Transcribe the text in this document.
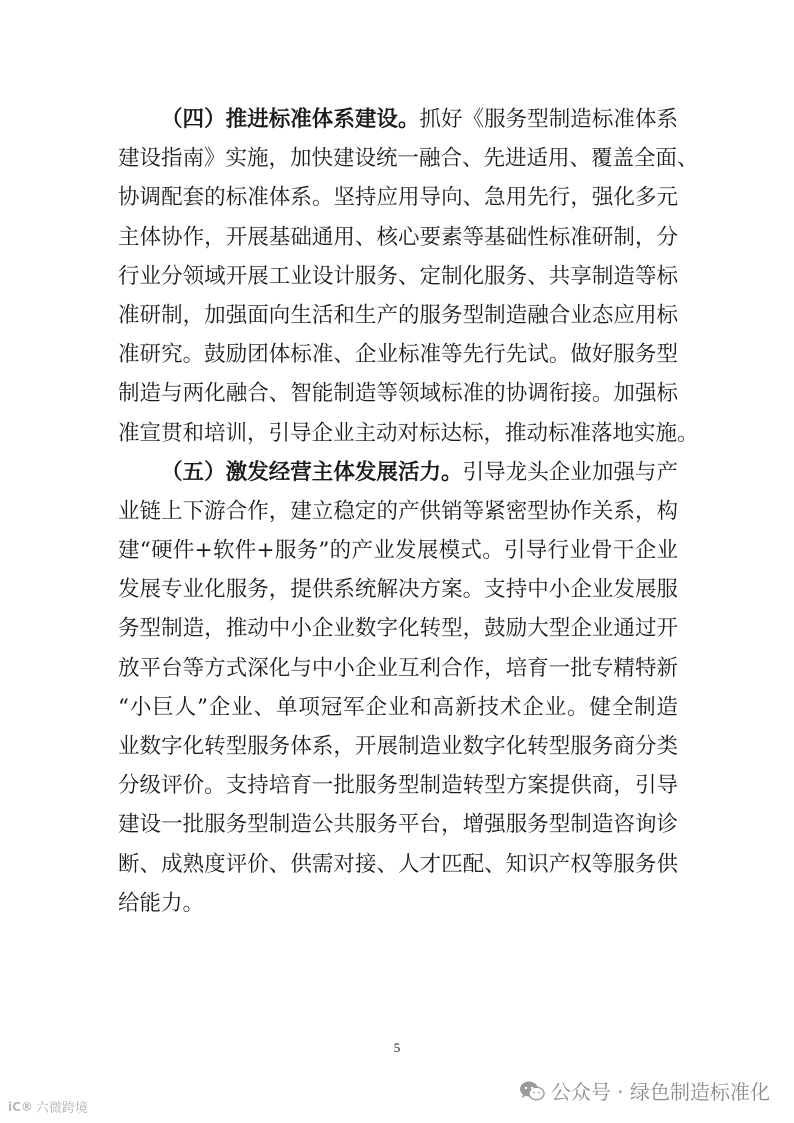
（四）推进标准体系建设。抓好《服务型制造标准体系
建设指南》实施，加快建设统一融合、先进适用、覆盖全面、
协调配套的标准体系。坚持应用导向、急用先行，强化多元
主体协作，开展基础通用、核心要素等基础性标准研制，分
行业分领域开展工业设计服务、定制化服务、共享制造等标
准研制，加强面向生活和生产的服务型制造融合业态应用标
准研究。鼓励团体标准、企业标准等先行先试。做好服务型
制造与两化融合、智能制造等领域标准的协调衔接。加强标
准宣贯和培训，引导企业主动对标达标，推动标准落地实施。
（五）激发经营主体发展活力。引导龙头企业加强与产
业链上下游合作，建立稳定的产供销等紧密型协作关系，构
建“硬件+软件+服务”的产业发展模式。引导行业骨干企业
发展专业化服务，提供系统解决方案。支持中小企业发展服
务型制造，推动中小企业数字化转型，鼓励大型企业通过开
放平台等方式深化与中小企业互利合作，培育一批专精特新
“小巨人”企业、单项冠军企业和高新技术企业。健全制造
业数字化转型服务体系，开展制造业数字化转型服务商分类
分级评价。支持培育一批服务型制造转型方案提供商，引导
建设一批服务型制造公共服务平台，增强服务型制造咨询诊
断、成熟度评价、供需对接、人才匹配、知识产权等服务供
给能力。
5
公众号 · 绿色制造标准化
iC® 六微跨境
